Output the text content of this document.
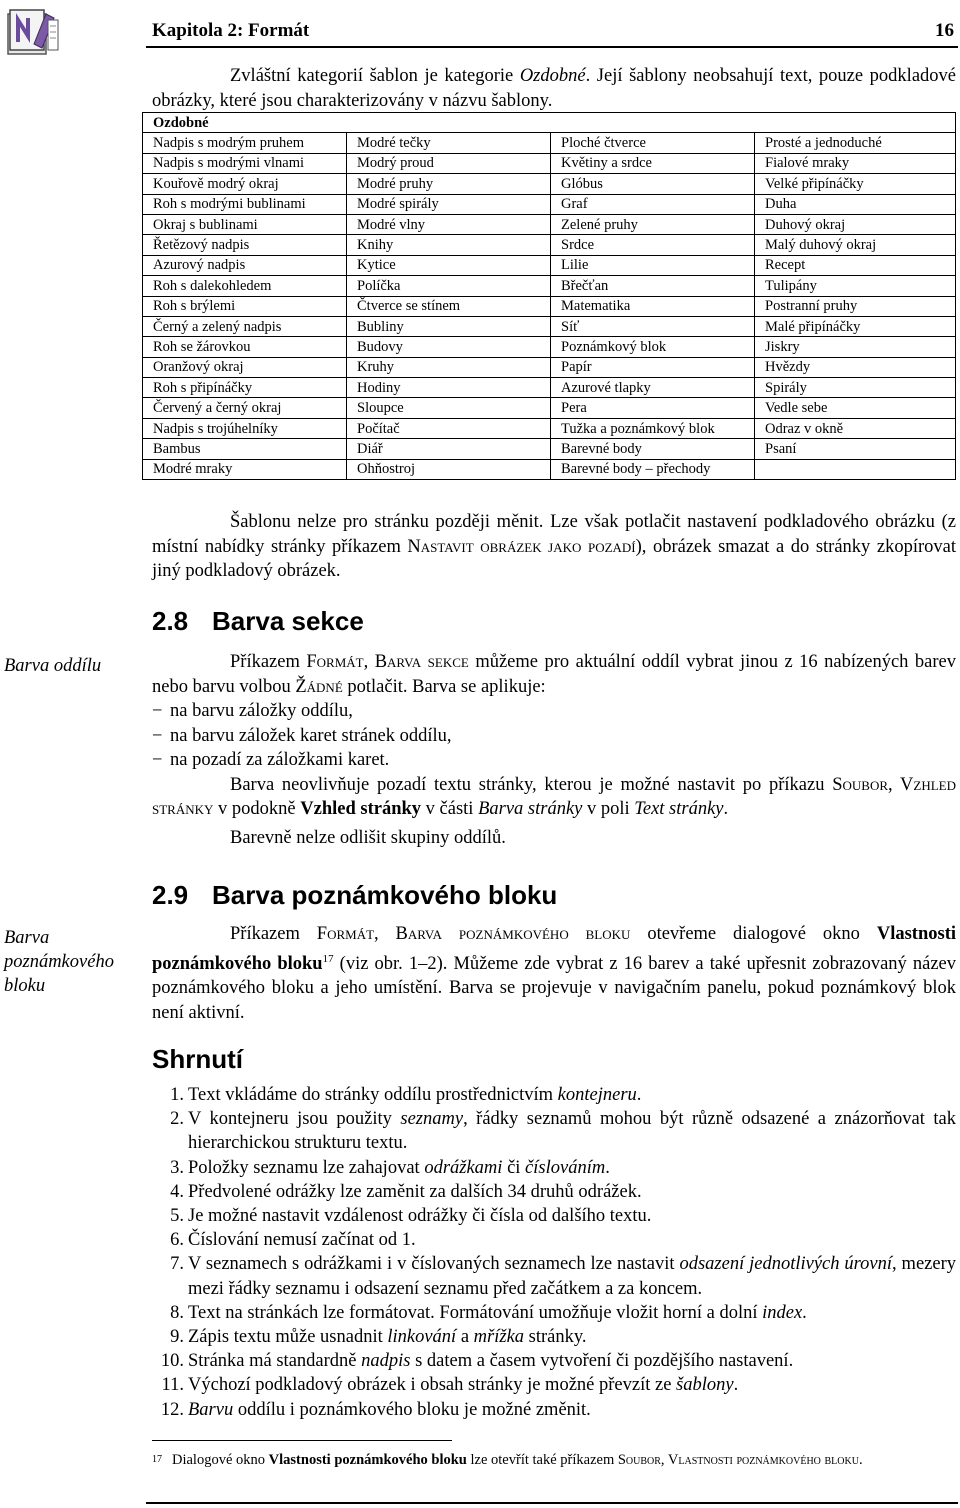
Kapitola 2: Formát	16

Zvláštní kategorií šablon je kategorie Ozdobné. Její šablony neobsahují text, pouze podkladové obrázky, které jsou charakterizovány v názvu šablony.

Ozdobné			
Nadpis s modrým pruhem	Modré tečky	Ploché čtverce	Prosté a jednoduché
Nadpis s modrými vlnami	Modrý proud	Květiny a srdce	Fialové mraky
Kouřově modrý okraj	Modré pruhy	Glóbus	Velké připínáčky
Roh s modrými bublinami	Modré spirály	Graf	Duha
Okraj s bublinami	Modré vlny	Zelené pruhy	Duhový okraj
Řetězový nadpis	Knihy	Srdce	Malý duhový okraj
Azurový nadpis	Kytice	Lilie	Recept
Roh s dalekohledem	Políčka	Břečťan	Tulipány
Roh s brýlemi	Čtverce se stínem	Matematika	Postranní pruhy
Černý a zelený nadpis	Bubliny	Síť	Malé připínáčky
Roh se žárovkou	Budovy	Poznámkový blok	Jiskry
Oranžový okraj	Kruhy	Papír	Hvězdy
Roh s připínáčky	Hodiny	Azurové tlapky	Spirály
Červený a černý okraj	Sloupce	Pera	Vedle sebe
Nadpis s trojúhelníky	Počítač	Tužka a poznámkový blok	Odraz v okně
Bambus	Diář	Barevné body	Psaní
Modré mraky	Ohňostroj	Barevné body – přechody	

Šablonu nelze pro stránku později měnit. Lze však potlačit nastavení podkladového obrázku (z místní nabídky stránky příkazem Nastavit obrázek jako pozadí), obrázek smazat a do stránky zkopírovat jiný podkladový obrázek.

2.8 Barva sekce
Barva oddílu	Příkazem Formát, Barva sekce můžeme pro aktuální oddíl vybrat jinou z 16 nabízených barev nebo barvu volbou Žádné potlačit. Barva se aplikuje:

− na barvu záložky oddílu,
− na barvu záložek karet stránek oddílu,
− na pozadí za záložkami karet.

Barva neovlivňuje pozadí textu stránky, kterou je možné nastavit po příkazu Soubor, Vzhled stránky v podokně Vzhled stránky v části Barva stránky v poli Text stránky.

Barevně nelze odlišit skupiny oddílů.

2.9 Barva poznámkového bloku
Barva poznámkového bloku

Příkazem Formát, Barva poznámkového bloku otevřeme dialogové okno Vlastnosti poznámkového bloku$^{17}$ (viz obr. 1–2). Můžeme zde vybrat z 16 barev a také upřesnit zobrazovaný název poznámkového bloku a jeho umístění. Barva se projevuje v navigačním panelu, pokud poznámkový blok není aktivní.

Shrnutí
1. Text vkládáme do stránky oddílu prostřednictvím kontejneru.
2. V kontejneru jsou použity seznamy, řádky seznamů mohou být různě odsazené a znázorňovat tak hierarchickou strukturu textu.
3. Položky seznamu lze zahajovat odrážkami či číslováním.
4. Předvolené odrážky lze zaměnit za dalších 34 druhů odrážek.
5. Je možné nastavit vzdálenost odrážky či čísla od dalšího textu.
6. Číslování nemusí začínat od 1.
7. V seznamech s odrážkami i v číslovaných seznamech lze nastavit odsazení jednotlivých úrovní, mezery mezi řádky seznamu i odsazení seznamu před začátkem a za koncem.
8. Text na stránkách lze formátovat. Formátování umožňuje vložit horní a dolní index.
9. Zápis textu může usnadnit linkování a mřížka stránky.
10. Stránka má standardně nadpis s datem a časem vytvoření či pozdějšího nastavení.
11. Výchozí podkladový obrázek i obsah stránky je možné převzít ze šablony.
12. Barvu oddílu i poznámkového bloku je možné změnit.
17 Dialogové okno Vlastnosti poznámkového bloku lze otevřít také příkazem Soubor, Vlastnosti poznámkového bloku.
